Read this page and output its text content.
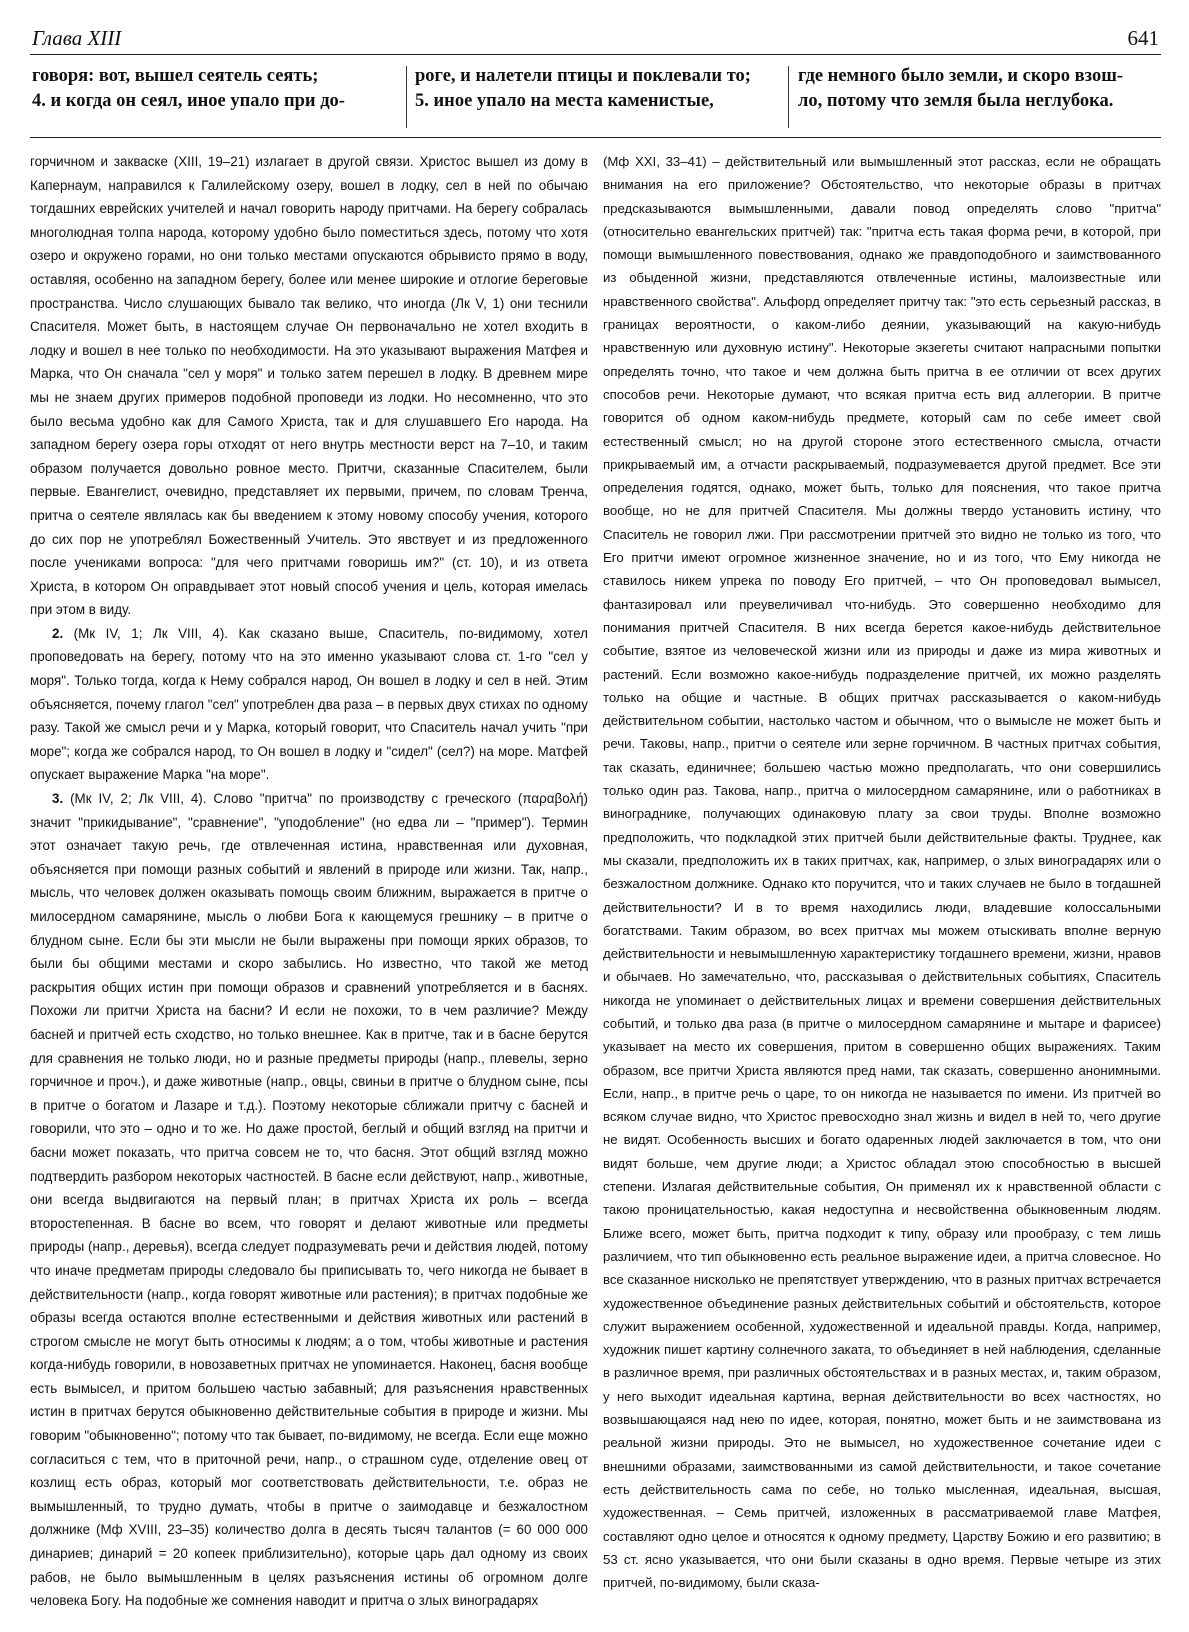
Глава XIII	641
говоря: вот, вышел сеятель сеять;
4. и когда он сеял, иное упало при до-
роге, и налетели птицы и поклевали то;
5. иное упало на места каменистые,
где немного было земли, и скоро взош-
ло, потому что земля была неглубока.

горчичном и закваске (XIII, 19–21) излагает в другой связи. Христос вышел из дому в Капернаум, направился к Галилейскому озеру, вошел в лодку, сел в ней по обычаю тогдашних еврейских учителей и начал говорить народу притчами. На берегу собралась многолюдная толпа народа, которому удобно было поместиться здесь, потому что хотя озеро и окружено горами, но они только местами опускаются обрывисто прямо в воду, оставляя, особенно на западном берегу, более или менее широкие и отлогие береговые пространства. Число слушающих бывало так велико, что иногда (Лк V, 1) они теснили Спасителя. Может быть, в настоящем случае Он первоначально не хотел входить в лодку и вошел в нее только по необходимости. На это указывают выражения Матфея и Марка, что Он сначала "сел у моря" и только затем перешел в лодку. В древнем мире мы не знаем других примеров подобной проповеди из лодки. Но несомненно, что это было весьма удобно как для Самого Христа, так и для слушавшего Его народа. На западном берегу озера горы отходят от него внутрь местности верст на 7–10, и таким образом получается довольно ровное место. Притчи, сказанные Спасителем, были первые. Евангелист, очевидно, представляет их первыми, причем, по словам Тренча, притча о сеятеле являлась как бы введением к этому новому способу учения, которого до сих пор не употреблял Божественный Учитель. Это явствует и из предложенного после учениками вопроса: "для чего притчами говоришь им?" (ст. 10), и из ответа Христа, в котором Он оправдывает этот новый способ учения и цель, которая имелась при этом в виду.

2. (Мк IV, 1; Лк VIII, 4). Как сказано выше, Спаситель, по-видимому, хотел проповедовать на берегу, потому что на это именно указывают слова ст. 1-го "сел у моря". Только тогда, когда к Нему собрался народ, Он вошел в лодку и сел в ней. Этим объясняется, почему глагол "сел" употреблен два раза – в первых двух стихах по одному разу. Такой же смысл речи и у Марка, который говорит, что Спаситель начал учить "при море"; когда же собрался народ, то Он вошел в лодку и "сидел" (сел?) на море. Матфей опускает выражение Марка "на море".

3. (Мк IV, 2; Лк VIII, 4). Слово "притча" по производству с греческого (παραβολή) значит "прикидывание", "сравнение", "уподобление" (но едва ли – "пример"). Термин этот означает такую речь, где отвлеченная истина, нравственная или духовная, объясняется при помощи разных событий и явлений в природе или жизни. Так, напр., мысль, что человек должен оказывать помощь своим ближним, выражается в притче о милосердном самарянине, мысль о любви Бога к кающемуся грешнику – в притче о блудном сыне. Если бы эти мысли не были выражены при помощи ярких образов, то были бы общими местами и скоро забылись. Но известно, что такой же метод раскрытия общих истин при помощи образов и сравнений употребляется и в баснях. Похожи ли притчи Христа на басни? И если не похожи, то в чем различие? Между басней и притчей есть сходство, но только внешнее. Как в притче, так и в басне берутся для сравнения не только люди, но и разные предметы природы (напр., плевелы, зерно горчичное и проч.), и даже животные (напр., овцы, свиньи в притче о блудном сыне, псы в притче о богатом и Лазаре и т.д.). Поэтому некоторые сближали притчу с басней и говорили, что это – одно и то же. Но даже простой, беглый и общий взгляд на притчи и басни может показать, что притча совсем не то, что басня. Этот общий взгляд можно подтвердить разбором некоторых частностей. В басне если действуют, напр., животные, они всегда выдвигаются на первый план; в притчах Христа их роль – всегда второстепенная. В басне во всем, что говорят и делают животные или предметы природы (напр., деревья), всегда следует подразумевать речи и действия людей, потому что иначе предметам природы следовало бы приписывать то, чего никогда не бывает в действительности (напр., когда говорят животные или растения); в притчах подобные же образы всегда остаются вполне естественными и действия животных или растений в строгом смысле не могут быть относимы к людям; а о том, чтобы животные и растения когда-нибудь говорили, в новозаветных притчах не упоминается. Наконец, басня вообще есть вымысел, и притом большею частью забавный; для разъяснения нравственных истин в притчах берутся обыкновенно действительные события в природе и жизни. Мы говорим "обыкновенно"; потому что так бывает, по-видимому, не всегда. Если еще можно согласиться с тем, что в приточной речи, напр., о страшном суде, отделение овец от козлищ есть образ, который мог соответствовать действительности, т.е. образ не вымышленный, то трудно думать, чтобы в притче о заимодавце и безжалостном должнике (Мф XVIII, 23–35) количество долга в десять тысяч талантов (= 60 000 000 динариев; динарий = 20 копеек приблизительно), которые царь дал одному из своих рабов, не было вымышленным в целях разъяснения истины об огромном долге человека Богу. На подобные же сомнения наводит и притча о злых виноградарях

(Мф XXI, 33–41) – действительный или вымышленный этот рассказ, если не обращать внимания на его приложение? Обстоятельство, что некоторые образы в притчах предсказываются вымышленными, давали повод определять слово "притча" (относительно евангельских притчей) так: "притча есть такая форма речи, в которой, при помощи вымышленного повествования, однако же правдоподобного и заимствованного из обыденной жизни, представляются отвлеченные истины, малоизвестные или нравственного свойства". Альфорд определяет притчу так: "это есть серьезный рассказ, в границах вероятности, о каком-либо деянии, указывающий на какую-нибудь нравственную или духовную истину". Некоторые экзегеты считают напрасными попытки определять точно, что такое и чем должна быть притча в ее отличии от всех других способов речи. Некоторые думают, что всякая притча есть вид аллегории. В притче говорится об одном каком-нибудь предмете, который сам по себе имеет свой естественный смысл; но на другой стороне этого естественного смысла, отчасти прикрываемый им, а отчасти раскрываемый, подразумевается другой предмет. Все эти определения годятся, однако, может быть, только для пояснения, что такое притча вообще, но не для притчей Спасителя. Мы должны твердо установить истину, что Спаситель не говорил лжи. При рассмотрении притчей это видно не только из того, что Его притчи имеют огромное жизненное значение, но и из того, что Ему никогда не ставилось никем упрека по поводу Его притчей, – что Он проповедовал вымысел, фантазировал или преувеличивал что-нибудь. Это совершенно необходимо для понимания притчей Спасителя. В них всегда берется какое-нибудь действительное событие, взятое из человеческой жизни или из природы и даже из мира животных и растений. Если возможно какое-нибудь подразделение притчей, их можно разделять только на общие и частные. В общих притчах рассказывается о каком-нибудь действительном событии, настолько частом и обычном, что о вымысле не может быть и речи. Таковы, напр., притчи о сеятеле или зерне горчичном. В частных притчах события, так сказать, единичнее; большею частью можно предполагать, что они совершились только один раз. Такова, напр., притча о милосердном самарянине, или о работниках в винограднике, получающих одинаковую плату за свои труды. Вполне возможно предположить, что подкладкой этих притчей были действительные факты. Труднее, как мы сказали, предположить их в таких притчах, как, например, о злых виноградарях или о безжалостном должнике. Однако кто поручится, что и таких случаев не было в тогдашней действительности? И в то время находились люди, владевшие колоссальными богатствами. Таким образом, во всех притчах мы можем отыскивать вполне верную действительности и невымышленную характеристику тогдашнего времени, жизни, нравов и обычаев. Но замечательно, что, рассказывая о действительных событиях, Спаситель никогда не упоминает о действительных лицах и времени совершения действительных событий, и только два раза (в притче о милосердном самарянине и мытаре и фарисее) указывает на место их совершения, притом в совершенно общих выражениях. Таким образом, все притчи Христа являются пред нами, так сказать, совершенно анонимными. Если, напр., в притче речь о царе, то он никогда не называется по имени. Из притчей во всяком случае видно, что Христос превосходно знал жизнь и видел в ней то, чего другие не видят. Особенность высших и богато одаренных людей заключается в том, что они видят больше, чем другие люди; а Христос обладал этою способностью в высшей степени. Излагая действительные события, Он применял их к нравственной области с такою проницательностью, какая недоступна и несвойственна обыкновенным людям. Ближе всего, может быть, притча подходит к типу, образу или прообразу, с тем лишь различием, что тип обыкновенно есть реальное выражение идеи, а притча словесное. Но все сказанное нисколько не препятствует утверждению, что в разных притчах встречается художественное объединение разных действительных событий и обстоятельств, которое служит выражением особенной, художественной и идеальной правды. Когда, например, художник пишет картину солнечного заката, то объединяет в ней наблюдения, сделанные в различное время, при различных обстоятельствах и в разных местах, и, таким образом, у него выходит идеальная картина, верная действительности во всех частностях, но возвышающаяся над нею по идее, которая, понятно, может быть и не заимствована из реальной жизни природы. Это не вымысел, но художественное сочетание идеи с внешними образами, заимствованными из самой действительности, и такое сочетание есть действительность сама по себе, но только мысленная, идеальная, высшая, художественная. – Семь притчей, изложенных в рассматриваемой главе Матфея, составляют одно целое и относятся к одному предмету, Царству Божию и его развитию; в 53 ст. ясно указывается, что они были сказаны в одно время. Первые четыре из этих притчей, по-видимому, были сказа-
